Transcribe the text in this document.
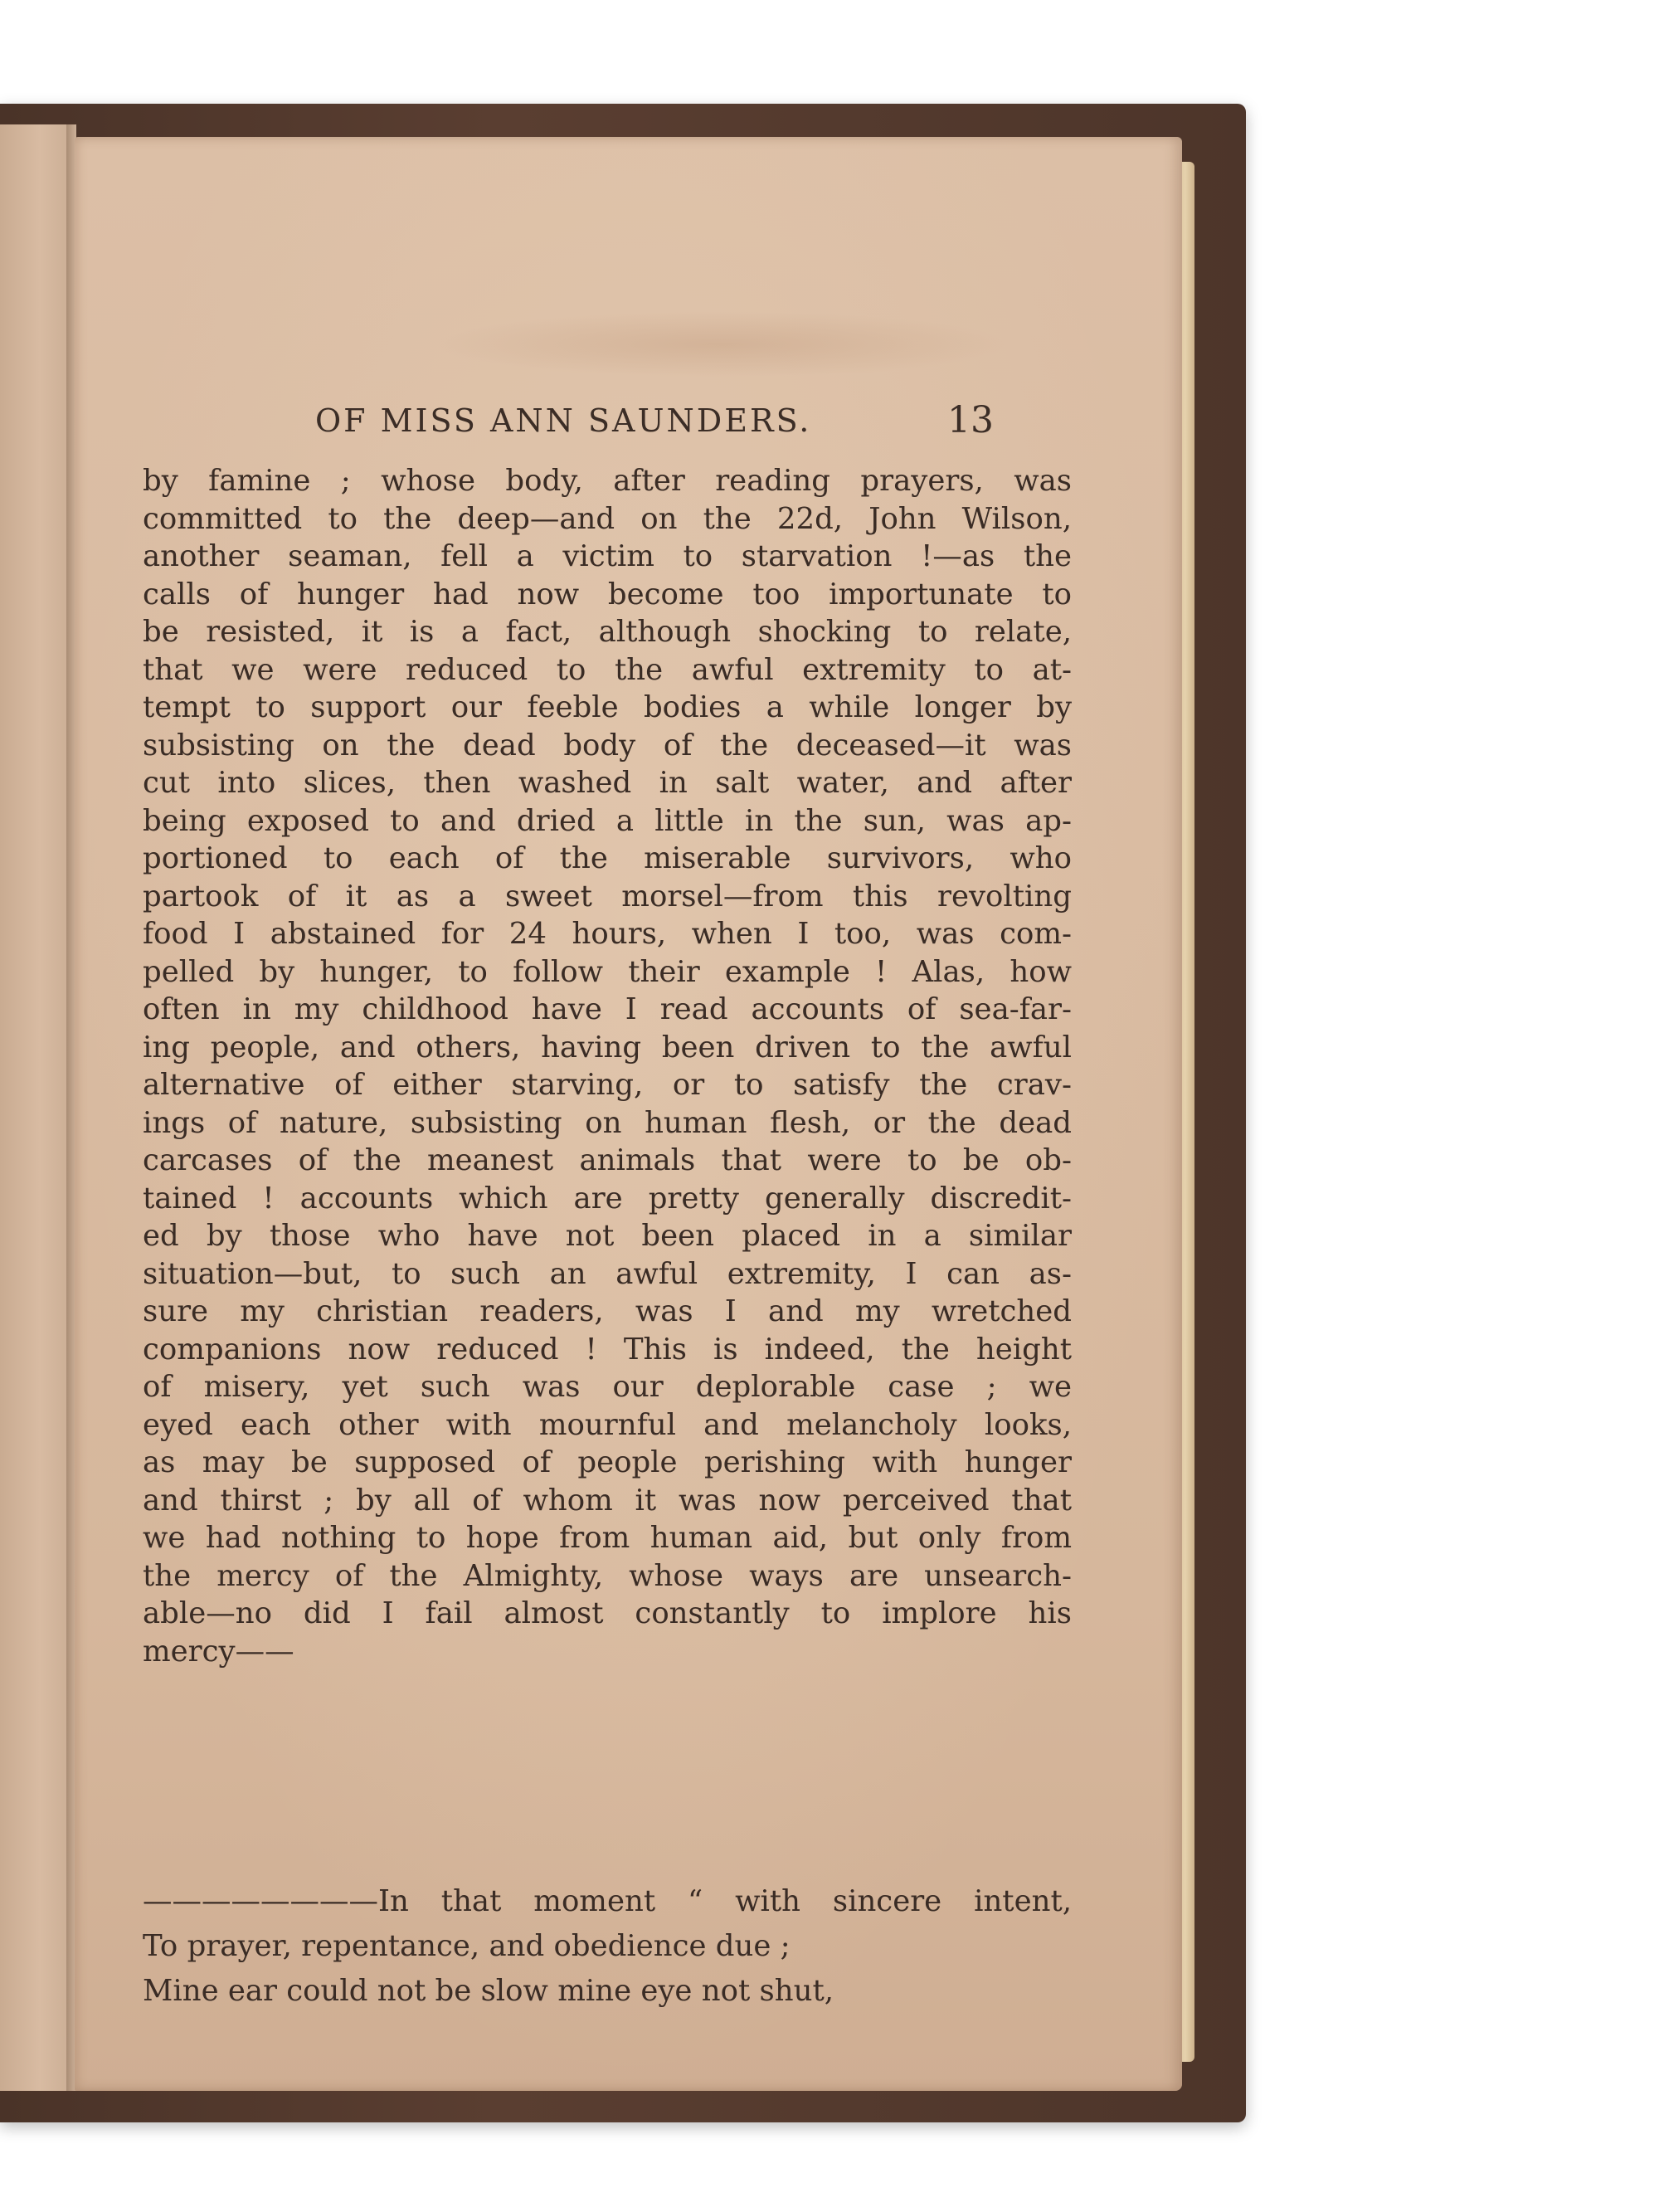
OF MISS ANN SAUNDERS.	13
by famine ; whose body, after reading prayers, was
committed to the deep—and on the 22d, John Wilson,
another seaman, fell a victim to starvation !—as the
calls of hunger had now become too importunate to
be resisted, it is a fact, although shocking to relate,
that we were reduced to the awful extremity to at-
tempt to support our feeble bodies a while longer by
subsisting on the dead body of the deceased—it was
cut into slices, then washed in salt water, and after
being exposed to and dried a little in the sun, was ap-
portioned to each of the miserable survivors, who
partook of it as a sweet morsel—from this revolting
food I abstained for 24 hours, when I too, was com-
pelled by hunger, to follow their example ! Alas, how
often in my childhood have I read accounts of sea-far-
ing people, and others, having been driven to the awful
alternative of either starving, or to satisfy the crav-
ings of nature, subsisting on human flesh, or the dead
carcases of the meanest animals that were to be ob-
tained ! accounts which are pretty generally discredit-
ed by those who have not been placed in a similar
situation—but, to such an awful extremity, I can as-
sure my christian readers, was I and my wretched
companions now reduced ! This is indeed, the height
of misery, yet such was our deplorable case ; we
eyed each other with mournful and melancholy looks,
as may be supposed of people perishing with hunger
and thirst ; by all of whom it was now perceived that
we had nothing to hope from human aid, but only from
the mercy of the Almighty, whose ways are unsearch-
able—no did I fail almost constantly to implore his
mercy——
————————In that moment “ with sincere intent,
To prayer, repentance, and obedience due ;
Mine ear could not be slow mine eye not shut,
